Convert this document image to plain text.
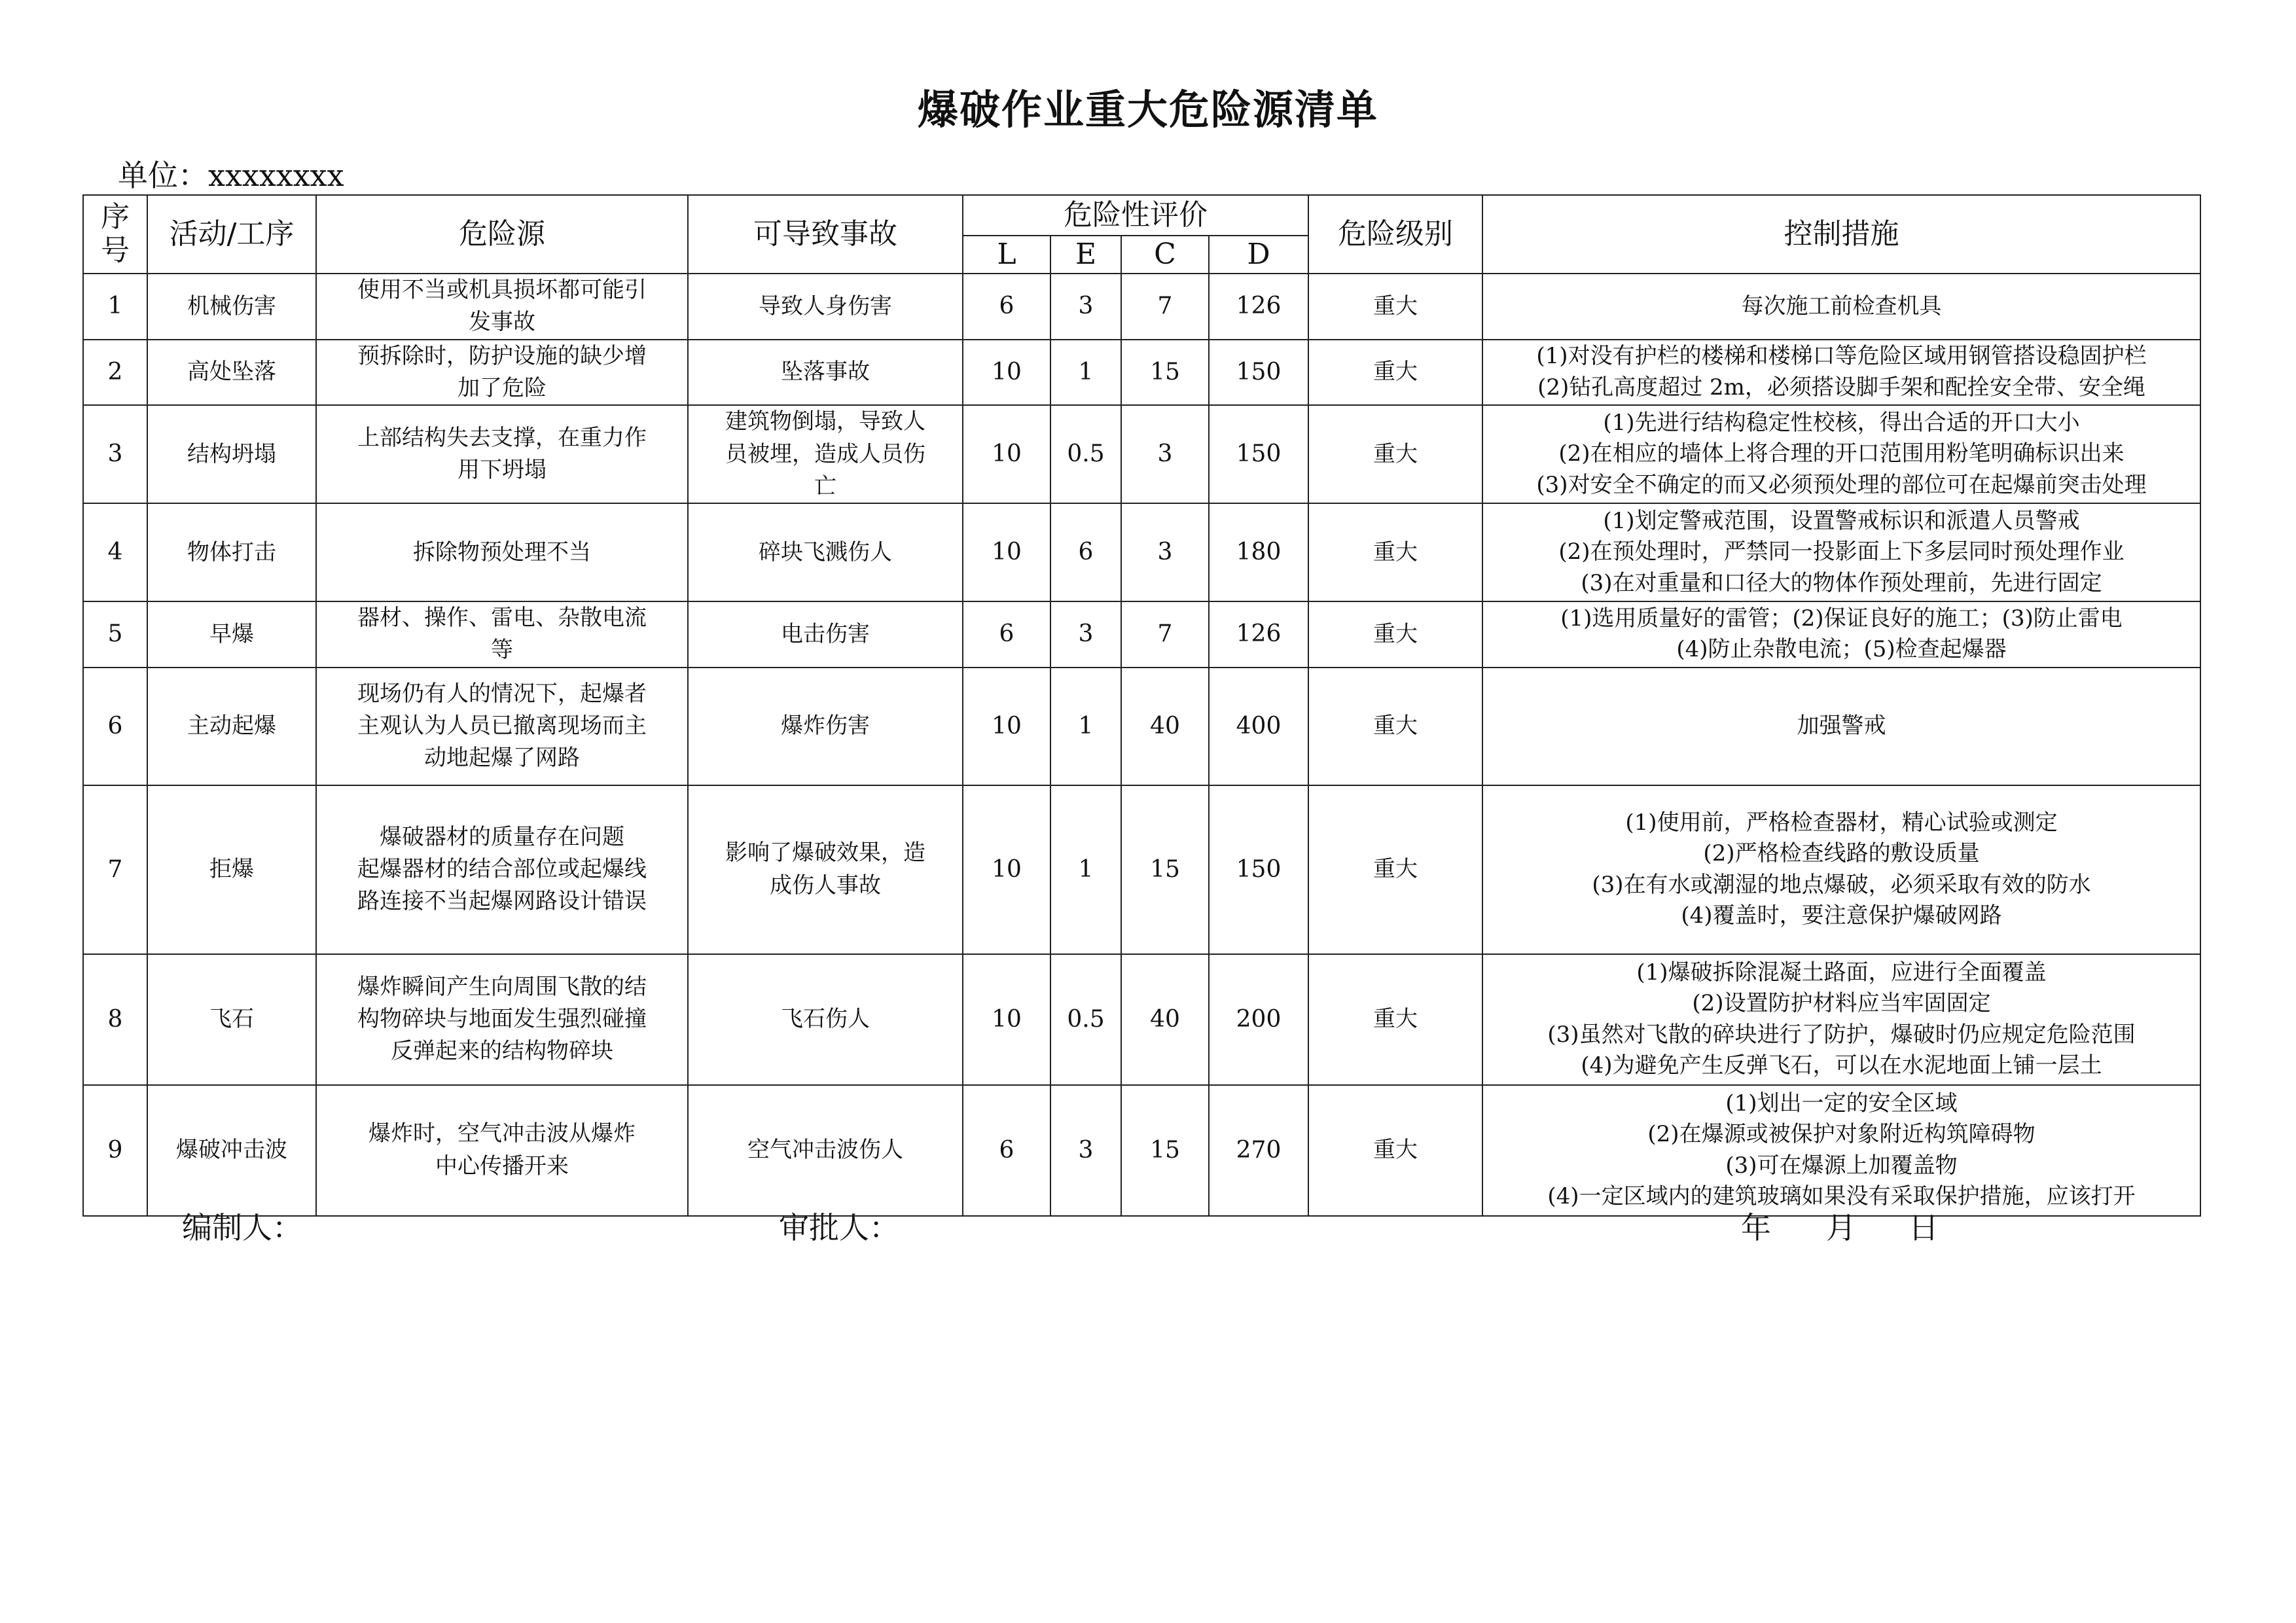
爆破作业重大危险源清单
单位：xxxxxxxx
序号	活动/工序	危险源	可导致事故	危险性评价				危险级别	控制措施
				L	E	C	D		
1	机械伤害	使用不当或机具损坏都可能引
发事故	导致人身伤害	6	3	7	126	重大	每次施工前检查机具

2	高处坠落	预拆除时，防护设施的缺少增
加了危险	坠落事故	10	1	15	150	重大	(1)对没有护栏的楼梯和楼梯口等危险区域用钢管搭设稳固护栏
(2)钻孔高度超过 2m，必须搭设脚手架和配拴安全带、安全绳

3	结构坍塌	上部结构失去支撑，在重力作
用下坍塌	建筑物倒塌，导致人
员被埋，造成人员伤
亡	10	0.5	3	150	重大	(1)先进行结构稳定性校核，得出合适的开口大小
(2)在相应的墙体上将合理的开口范围用粉笔明确标识出来
(3)对安全不确定的而又必须预处理的部位可在起爆前突击处理

4	物体打击	拆除物预处理不当	碎块飞溅伤人	10	6	3	180	重大	(1)划定警戒范围，设置警戒标识和派遣人员警戒
(2)在预处理时，严禁同一投影面上下多层同时预处理作业
(3)在对重量和口径大的物体作预处理前，先进行固定

5	早爆	器材、操作、雷电、杂散电流
等	电击伤害	6	3	7	126	重大	(1)选用质量好的雷管；(2)保证良好的施工；(3)防止雷电
(4)防止杂散电流；(5)检查起爆器

6	主动起爆	现场仍有人的情况下，起爆者
主观认为人员已撤离现场而主
动地起爆了网路	爆炸伤害	10	1	40	400	重大	加强警戒

7	拒爆	爆破器材的质量存在问题
起爆器材的结合部位或起爆线
路连接不当起爆网路设计错误	影响了爆破效果，造
成伤人事故	10	1	15	150	重大	(1)使用前，严格检查器材，精心试验或测定
(2)严格检查线路的敷设质量
(3)在有水或潮湿的地点爆破，必须采取有效的防水
(4)覆盖时，要注意保护爆破网路

8	飞石	爆炸瞬间产生向周围飞散的结
构物碎块与地面发生强烈碰撞
反弹起来的结构物碎块	飞石伤人	10	0.5	40	200	重大	(1)爆破拆除混凝土路面，应进行全面覆盖
(2)设置防护材料应当牢固固定
(3)虽然对飞散的碎块进行了防护，爆破时仍应规定危险范围
(4)为避免产生反弹飞石，可以在水泥地面上铺一层土

9	爆破冲击波	爆炸时，空气冲击波从爆炸
中心传播开来	空气冲击波伤人	6	3	15	270	重大	(1)划出一定的安全区域
(2)在爆源或被保护对象附近构筑障碍物
(3)可在爆源上加覆盖物
(4)一定区域内的建筑玻璃如果没有采取保护措施，应该打开
编制人：	审批人：	年 月 日
